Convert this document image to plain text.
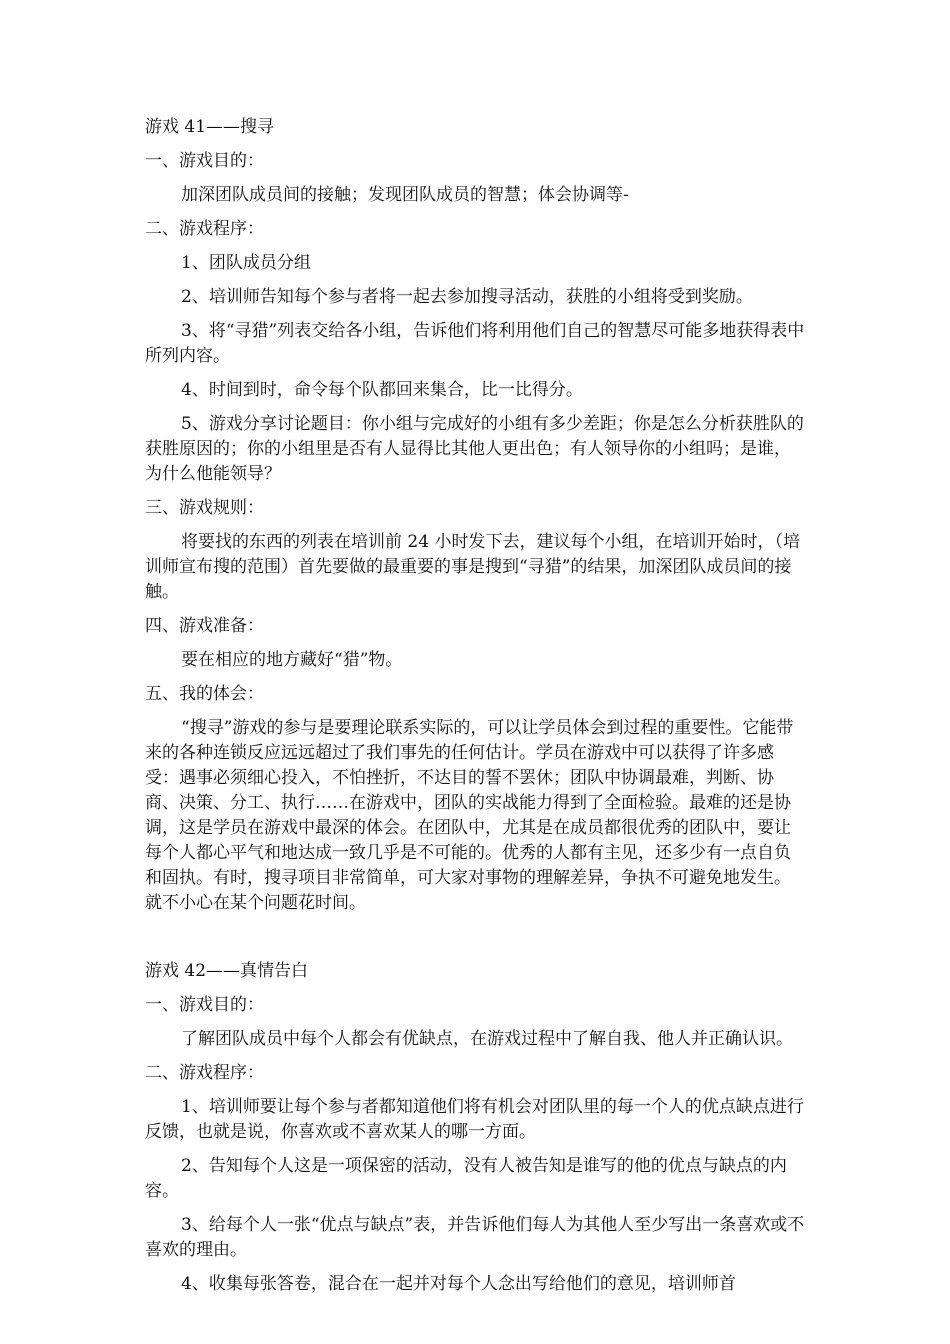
游戏 41——搜寻

一、游戏目的：

加深团队成员间的接触；发现团队成员的智慧；体会协调等-

二、游戏程序：

1、团队成员分组

2、培训师告知每个参与者将一起去参加搜寻活动，获胜的小组将受到奖励。

3、将“寻猎”列表交给各小组，告诉他们将利用他们自己的智慧尽可能多地获得表中所列内容。

4、时间到时，命令每个队都回来集合，比一比得分。

5、游戏分享讨论题目：你小组与完成好的小组有多少差距；你是怎么分析获胜队的获胜原因的；你的小组里是否有人显得比其他人更出色；有人领导你的小组吗；是谁，为什么他能领导？

三、游戏规则：

将要找的东西的列表在培训前 24 小时发下去，建议每个小组，在培训开始时，（培训师宣布搜的范围）首先要做的最重要的事是搜到“寻猎”的结果，加深团队成员间的接触。

四、游戏准备：

要在相应的地方藏好“猎”物。

五、我的体会：

“搜寻”游戏的参与是要理论联系实际的，可以让学员体会到过程的重要性。它能带来的各种连锁反应远远超过了我们事先的任何估计。学员在游戏中可以获得了许多感受：遇事必须细心投入，不怕挫折，不达目的誓不罢休；团队中协调最难，判断、协商、决策、分工、执行……在游戏中，团队的实战能力得到了全面检验。最难的还是协调，这是学员在游戏中最深的体会。在团队中，尤其是在成员都很优秀的团队中，要让每个人都心平气和地达成一致几乎是不可能的。优秀的人都有主见，还多少有一点自负和固执。有时，搜寻项目非常简单，可大家对事物的理解差异，争执不可避免地发生。就不小心在某个问题花时间。

游戏 42——真情告白

一、游戏目的：

了解团队成员中每个人都会有优缺点，在游戏过程中了解自我、他人并正确认识。

二、游戏程序：

1、培训师要让每个参与者都知道他们将有机会对团队里的每一个人的优点缺点进行反馈，也就是说，你喜欢或不喜欢某人的哪一方面。

2、告知每个人这是一项保密的活动，没有人被告知是谁写的他的优点与缺点的内容。

3、给每个人一张“优点与缺点”表，并告诉他们每人为其他人至少写出一条喜欢或不喜欢的理由。

4、收集每张答卷，混合在一起并对每个人念出写给他们的意见，培训师首
